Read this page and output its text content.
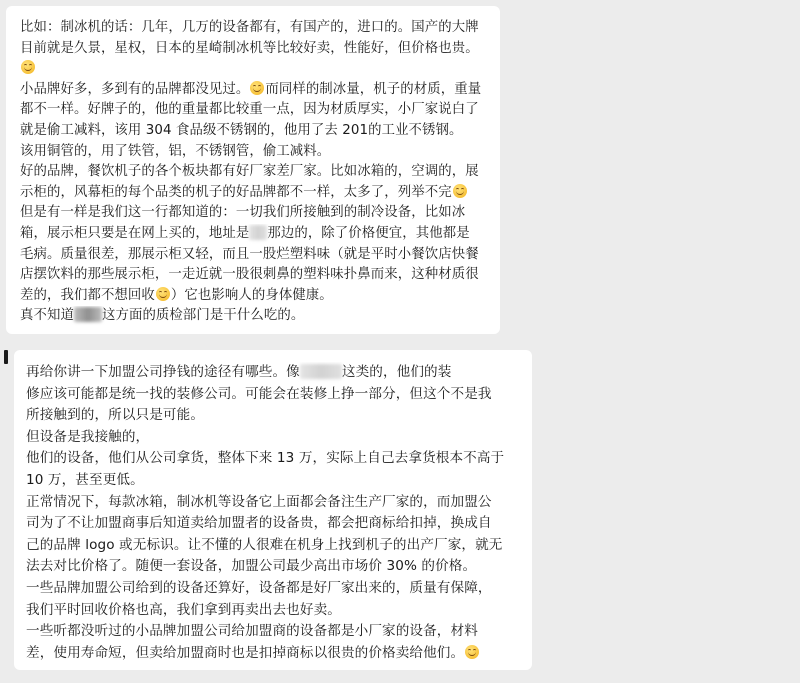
比如：制冰机的话：几年，几万的设备都有，有国产的，进口的。国产的大牌
目前就是久景，星权，日本的星崎制冰机等比较好卖，性能好，但价格也贵。
小品牌好多，多到有的品牌都没见过。 而同样的制冰量，机子的材质，重量
都不一样。好牌子的，他的重量都比较重一点，因为材质厚实，小厂家说白了
就是偷工减料，该用 304 食品级不锈钢的，他用了去 201的工业不锈钢。
该用铜管的，用了铁管，铝，不锈钢管，偷工减料。
好的品牌，餐饮机子的各个板块都有好厂家差厂家。比如冰箱的，空调的，展
示柜的，风幕柜的每个品类的机子的好品牌都不一样，太多了，列举不完
但是有一样是我们这一行都知道的：一切我们所接触到的制冷设备，比如冰
箱，展示柜只要是在网上买的，地址是 那边的，除了价格便宜，其他都是
毛病。质量很差，那展示柜又轻，而且一股烂塑料味（就是平时小餐饮店快餐
店摆饮料的那些展示柜，一走近就一股很刺鼻的塑料味扑鼻而来，这种材质很
差的，我们都不想回收 ）它也影响人的身体健康。
真不知道 这方面的质检部门是干什么吃的。
再给你讲一下加盟公司挣钱的途径有哪些。像	这类的，他们的装
修应该可能都是统一找的装修公司。可能会在装修上挣一部分，但这个不是我
所接触到的，所以只是可能。
但设备是我接触的，
他们的设备，他们从公司拿货，整体下来 13 万，实际上自己去拿货根本不高于
10 万，甚至更低。
正常情况下，每款冰箱，制冰机等设备它上面都会备注生产厂家的，而加盟公
司为了不让加盟商事后知道卖给加盟者的设备贵，都会把商标给扣掉，换成自
己的品牌 logo 或无标识。让不懂的人很难在机身上找到机子的出产厂家，就无
法去对比价格了。随便一套设备，加盟公司最少高出市场价 30% 的价格。
一些品牌加盟公司给到的设备还算好，设备都是好厂家出来的，质量有保障，
我们平时回收价格也高，我们拿到再卖出去也好卖。
一些听都没听过的小品牌加盟公司给加盟商的设备都是小厂家的设备，材料
差，使用寿命短，但卖给加盟商时也是扣掉商标以很贵的价格卖给他们。
